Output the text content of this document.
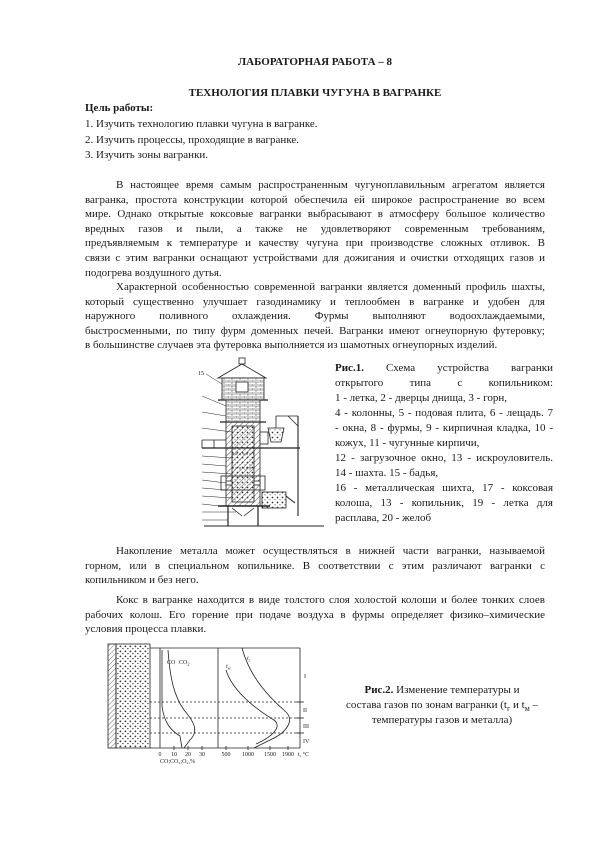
ЛАБОРАТОРНАЯ РАБОТА – 8
ТЕХНОЛОГИЯ ПЛАВКИ ЧУГУНА В ВАГРАНКЕ
Цель работы:
1. Изучить технологию плавки чугуна в вагранке.
2. Изучить процессы, проходящие в вагранке.
3. Изучить зоны вагранки.
В настоящее время самым распространенным чугуноплавильным агрегатом является
вагранка, простота конструкции которой обеспечила ей широкое распространение во всем
мире. Однако открытые коксовые вагранки выбрасывают в атмосферу большое количество
вредных газов и пыли, а также не удовлетворяют современным требованиям,
предъявляемым к температуре и качеству чугуна при производстве сложных отливок. В
связи с этим вагранки оснащают устройствами для дожигания и очистки отходящих газов и
подогрева воздушного дутья.
Характерной особенностью современной вагранки является доменный профиль шахты,
который существенно улучшает газодинамику и теплообмен в вагранке и удобен для
наружного поливного охлаждения. Фурмы выполняют водоохлаждаемыми,
быстросменными, по типу фурм доменных печей. Вагранки имеют огнеупорную футеровку;
в большинстве случаев эта футеровка выполняется из шамотных огнеупорных изделий.
15	Рис.1. Схема устройства вагранки
открытого типа с копильником:
1 - летка, 2 - дверцы днища, 3 - горн,
4 - колонны, 5 - подовая плита, 6 - лещадь. 7
- окна, 8 - фурмы, 9 - кирпичная кладка, 10 -
кожух, 11 - чугунные кирпичи,
12 - загрузочное окно, 13 - искроуловитель.
14 - шахта. 15 - бадья,
16 - металлическая шихта, 17 - коксовая
колоша, 13 - копильник, 19 - летка для
расплава, 20 - желоб
Накопление металла может осуществляться в нижней части вагранки, называемой
горном, или в специальном копильнике. В соответствии с этим различают вагранки с
копильником и без него.
Кокс в вагранке находится в виде толстого слоя холостой колоши и более тонких слоев
рабочих колош. Его горение при подаче воздуха в фурмы определяет физико–химические
условия процесса плавки.
CO $CO_2$	$t_м$
$t_г$
0 10 20 30	500 1000 1500 1900 t, °C
CO;CO₂;O₂,%
I
II
III
IV
Рис.2. Изменение температуры и
состава газов по зонам вагранки ($t_г$ и $t_м$ –
температуры газов и металла)
